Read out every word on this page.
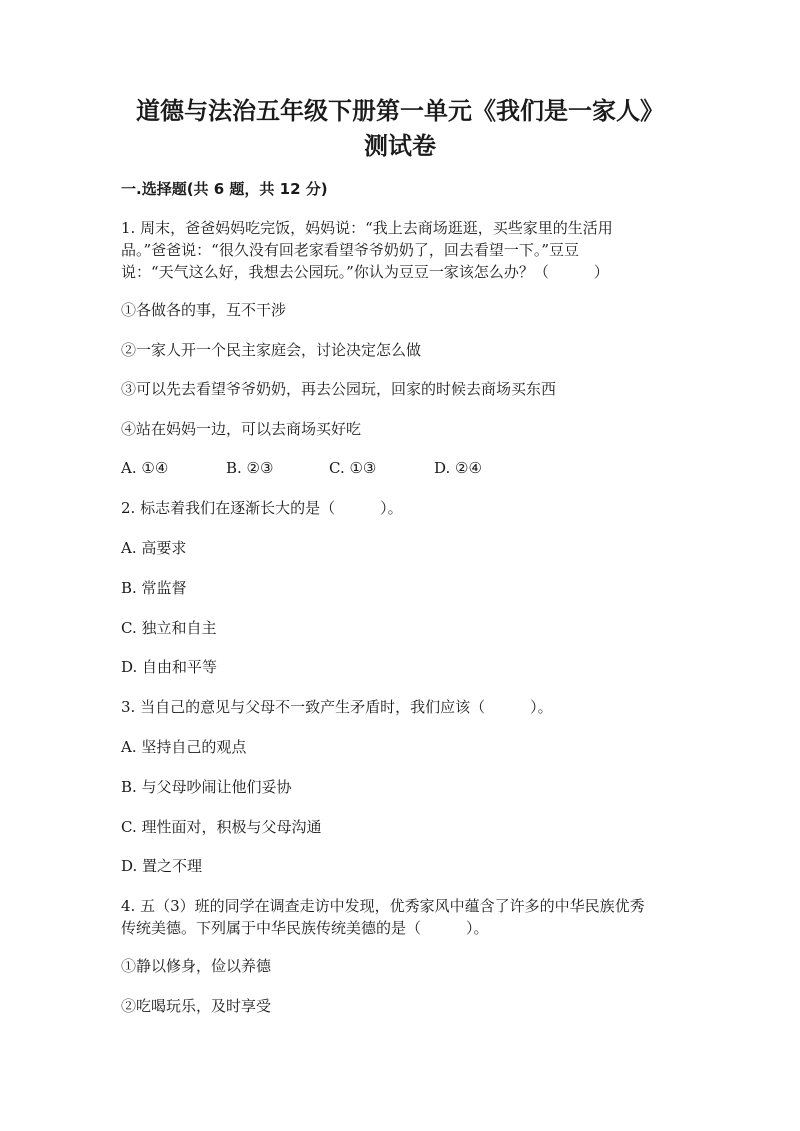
道德与法治五年级下册第一单元《我们是一家人》
测试卷
一.选择题(共 6 题，共 12 分)

1. 周末，爸爸妈妈吃完饭，妈妈说：“我上去商场逛逛，买些家里的生活用

品。”爸爸说：“很久没有回老家看望爷爷奶奶了，回去看望一下。”豆豆

说：“天气这么好，我想去公园玩。”你认为豆豆一家该怎么办？（　　　）

①各做各的事，互不干涉

②一家人开一个民主家庭会，讨论决定怎么做

③可以先去看望爷爷奶奶，再去公园玩，回家的时候去商场买东西

④站在妈妈一边，可以去商场买好吃

A. ①④	B. ②③	C. ①③	D. ②④

2. 标志着我们在逐渐长大的是（　　　）。

A. 高要求

B. 常监督

C. 独立和自主

D. 自由和平等

3. 当自己的意见与父母不一致产生矛盾时，我们应该（　　　）。

A. 坚持自己的观点

B. 与父母吵闹让他们妥协

C. 理性面对，积极与父母沟通

D. 置之不理

4. 五（3）班的同学在调查走访中发现，优秀家风中蕴含了许多的中华民族优秀

传统美德。下列属于中华民族传统美德的是（　　　）。

①静以修身，俭以养德

②吃喝玩乐，及时享受
